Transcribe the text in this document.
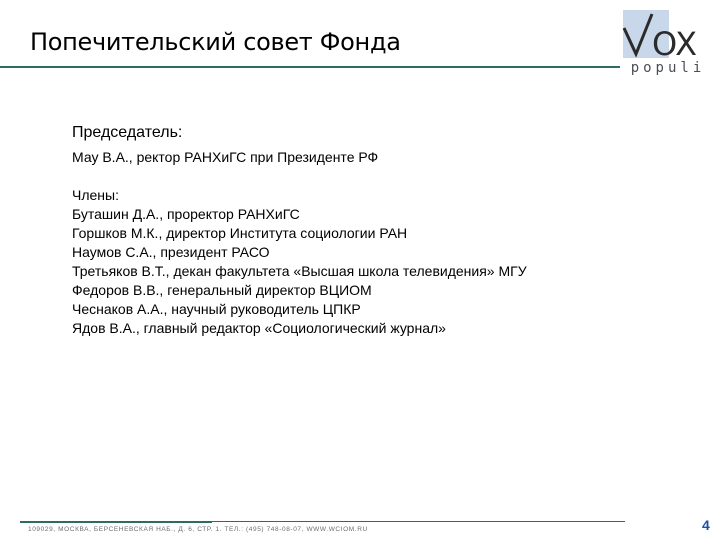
Попечительский совет Фонда	OX
populi
Председатель:
Мау В.А., ректор РАНХиГС при Президенте РФ
Члены:
Буташин Д.А., проректор РАНХиГС
Горшков М.К., директор Института социологии РАН
Наумов С.А., президент РАСО
Третьяков В.Т., декан факультета «Высшая школа телевидения» МГУ
Федоров В.В., генеральный директор ВЦИОМ
Чеснаков А.А., научный руководитель ЦПКР
Ядов В.А., главный редактор «Социологический журнал»
109029, МОСКВА, БЕРСЕНЕВСКАЯ НАБ., Д. 6, СТР. 1. ТЕЛ.: (495) 748-08-07, WWW.WCIOM.RU	4
